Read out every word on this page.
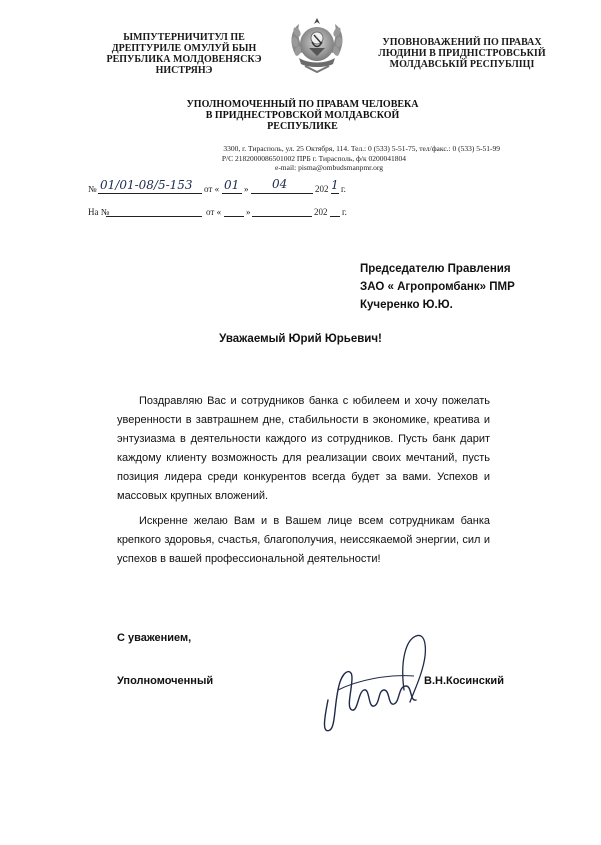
ЫМПУТЕРНИЧИТУЛ ПЕ
ДРЕПТУРИЛЕ ОМУЛУЙ БЫН
РЕПУБЛИКА МОЛДОВЕНЯСКЭ
НИСТРЯНЭ
УПОВНОВАЖЕНИЙ ПО ПРАВАХ
ЛЮДИНИ В ПРИДНІСТРОВСЬКІЙ
МОЛДАВСЬКІЙ РЕСПУБЛІЦІ
УПОЛНОМОЧЕННЫЙ ПО ПРАВАМ ЧЕЛОВЕКА
В ПРИДНЕСТРОВСКОЙ МОЛДАВСКОЙ
РЕСПУБЛИКЕ
3300, г. Тирасполь, ул. 25 Октября, 114. Тел.: 0 (533) 5-51-75, тел/факс.: 0 (533) 5-51-99
Р/С 2182000086501002 ПРБ г. Тирасполь, ф/к 0200041804
e-mail: pisma@ombudsmanpmr.org
№ 01/01-08/5-153 от « 01 » 04	202 1 г.
На №	от «	»	202 г.
Председателю Правления
ЗАО « Агропромбанк» ПМР
Кучеренко Ю.Ю.
Уважаемый Юрий Юрьевич!

Поздравляю Вас и сотрудников банка с юбилеем и хочу пожелать уверенности в завтрашнем дне, стабильности в экономике, креатива и энтузиазма в деятельности каждого из сотрудников. Пусть банк дарит каждому клиенту возможность для реализации своих мечтаний, пусть позиция лидера среди конкурентов всегда будет за вами. Успехов и массовых крупных вложений.

Искренне желаю Вам и в Вашем лице всем сотрудникам банка крепкого здоровья, счастья, благополучия, неиссякаемой энергии, сил и успехов в вашей профессиональной деятельности!

С уважением,
Уполномоченный	В.Н.Косинский
